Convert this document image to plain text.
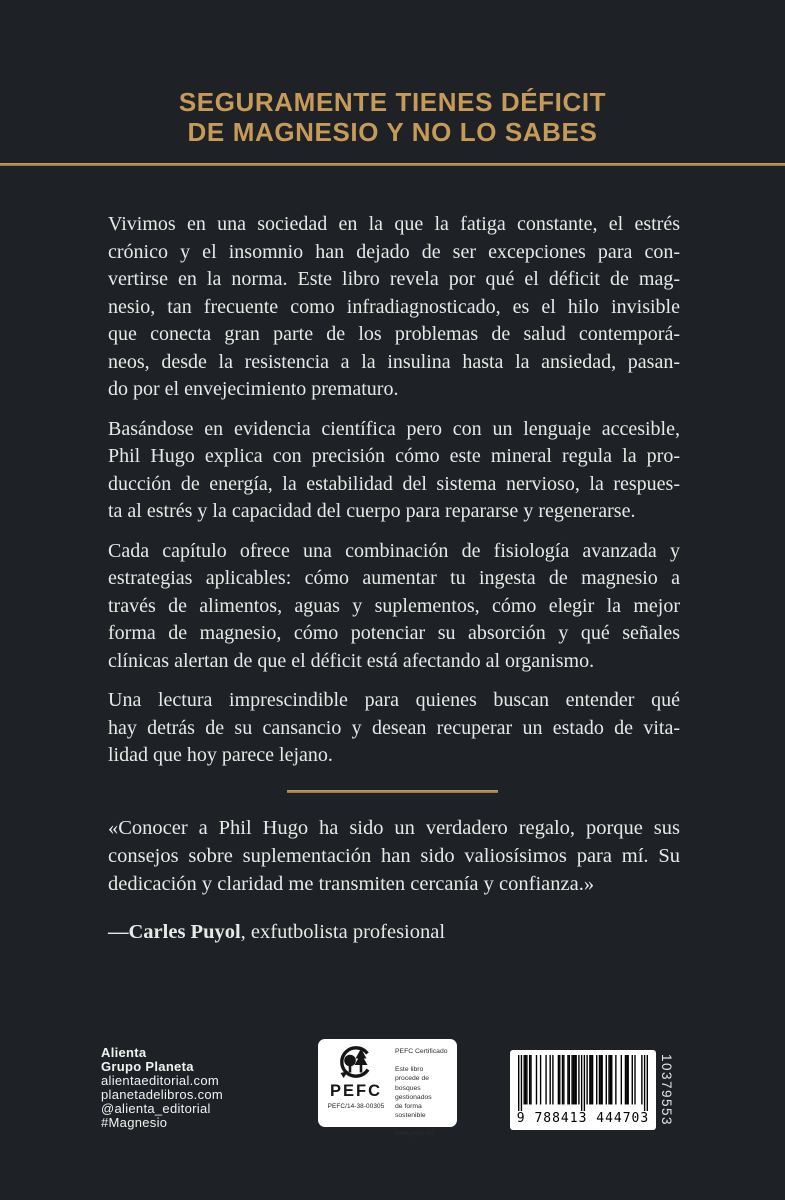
SEGURAMENTE TIENES DÉFICIT
DE MAGNESIO Y NO LO SABES
Vivimos en una sociedad en la que la fatiga constante, el estrés
crónico y el insomnio han dejado de ser excepciones para con-
vertirse en la norma. Este libro revela por qué el déficit de mag-
nesio, tan frecuente como infradiagnosticado, es el hilo invisible
que conecta gran parte de los problemas de salud contemporá-
neos, desde la resistencia a la insulina hasta la ansiedad, pasan-
do por el envejecimiento prematuro.
Basándose en evidencia científica pero con un lenguaje accesible,
Phil Hugo explica con precisión cómo este mineral regula la pro-
ducción de energía, la estabilidad del sistema nervioso, la respues-
ta al estrés y la capacidad del cuerpo para repararse y regenerarse.
Cada capítulo ofrece una combinación de fisiología avanzada y
estrategias aplicables: cómo aumentar tu ingesta de magnesio a
través de alimentos, aguas y suplementos, cómo elegir la mejor
forma de magnesio, cómo potenciar su absorción y qué señales
clínicas alertan de que el déficit está afectando al organismo.
Una lectura imprescindible para quienes buscan entender qué
hay detrás de su cansancio y desean recuperar un estado de vita-
lidad que hoy parece lejano.
«Conocer a Phil Hugo ha sido un verdadero regalo, porque sus
consejos sobre suplementación han sido valiosísimos para mí. Su
dedicación y claridad me transmiten cercanía y confianza.»
—Carles Puyol, exfutbolista profesional
Alienta
Grupo Planeta
alientaeditorial.com
planetadelibros.com
@alienta_editorial
#Magnesio
PEFC
PEFC/14-38-00305
PEFC Certificado
Este libro procede de
bosques gestionados
de forma sostenible
www.pefc.es
9 788413 444703 10379553
